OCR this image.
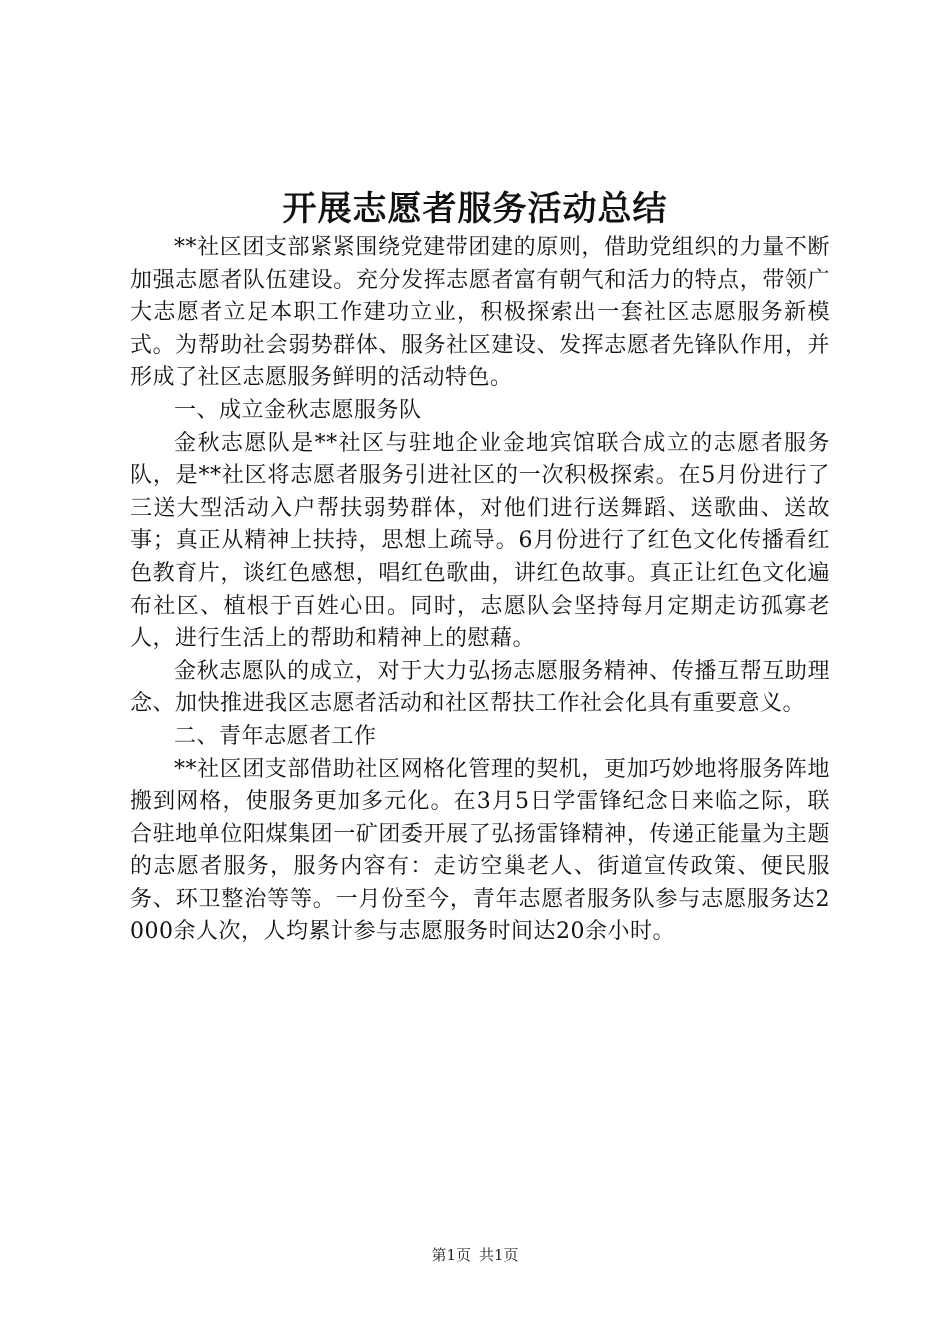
开展志愿者服务活动总结

**社区团支部紧紧围绕党建带团建的原则，借助党组织的力量不断加强志愿者队伍建设。充分发挥志愿者富有朝气和活力的特点，带领广大志愿者立足本职工作建功立业，积极探索出一套社区志愿服务新模式。为帮助社会弱势群体、服务社区建设、发挥志愿者先锋队作用，并形成了社区志愿服务鲜明的活动特色。

一、成立金秋志愿服务队

金秋志愿队是**社区与驻地企业金地宾馆联合成立的志愿者服务队，是**社区将志愿者服务引进社区的一次积极探索。在5月份进行了三送大型活动入户帮扶弱势群体，对他们进行送舞蹈、送歌曲、送故事；真正从精神上扶持，思想上疏导。6月份进行了红色文化传播看红色教育片，谈红色感想，唱红色歌曲，讲红色故事。真正让红色文化遍布社区、植根于百姓心田。同时，志愿队会坚持每月定期走访孤寡老人，进行生活上的帮助和精神上的慰藉。

金秋志愿队的成立，对于大力弘扬志愿服务精神、传播互帮互助理念、加快推进我区志愿者活动和社区帮扶工作社会化具有重要意义。

二、青年志愿者工作

**社区团支部借助社区网格化管理的契机，更加巧妙地将服务阵地搬到网格，使服务更加多元化。在3月5日学雷锋纪念日来临之际，联合驻地单位阳煤集团一矿团委开展了弘扬雷锋精神，传递正能量为主题的志愿者服务，服务内容有：走访空巢老人、街道宣传政策、便民服务、环卫整治等等。一月份至今，青年志愿者服务队参与志愿服务达2000余人次，人均累计参与志愿服务时间达20余小时。

第1页 共1页
